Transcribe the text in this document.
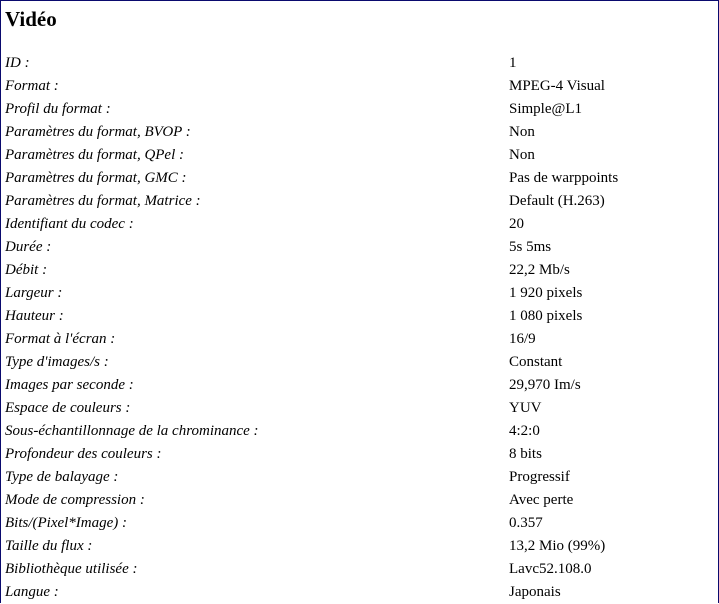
Vidéo
ID :	1
Format :	MPEG-4 Visual
Profil du format :	Simple@L1
Paramètres du format, BVOP :	Non
Paramètres du format, QPel :	Non
Paramètres du format, GMC :	Pas de warppoints
Paramètres du format, Matrice :	Default (H.263)
Identifiant du codec :	20
Durée :	5s 5ms
Débit :	22,2 Mb/s
Largeur :	1 920 pixels
Hauteur :	1 080 pixels
Format à l'écran :	16/9
Type d'images/s :	Constant
Images par seconde :	29,970 Im/s
Espace de couleurs :	YUV
Sous-échantillonnage de la chrominance :	4:2:0
Profondeur des couleurs :	8 bits
Type de balayage :	Progressif
Mode de compression :	Avec perte
Bits/(Pixel*Image) :	0.357
Taille du flux :	13,2 Mio (99%)
Bibliothèque utilisée :	Lavc52.108.0
Langue :	Japonais
